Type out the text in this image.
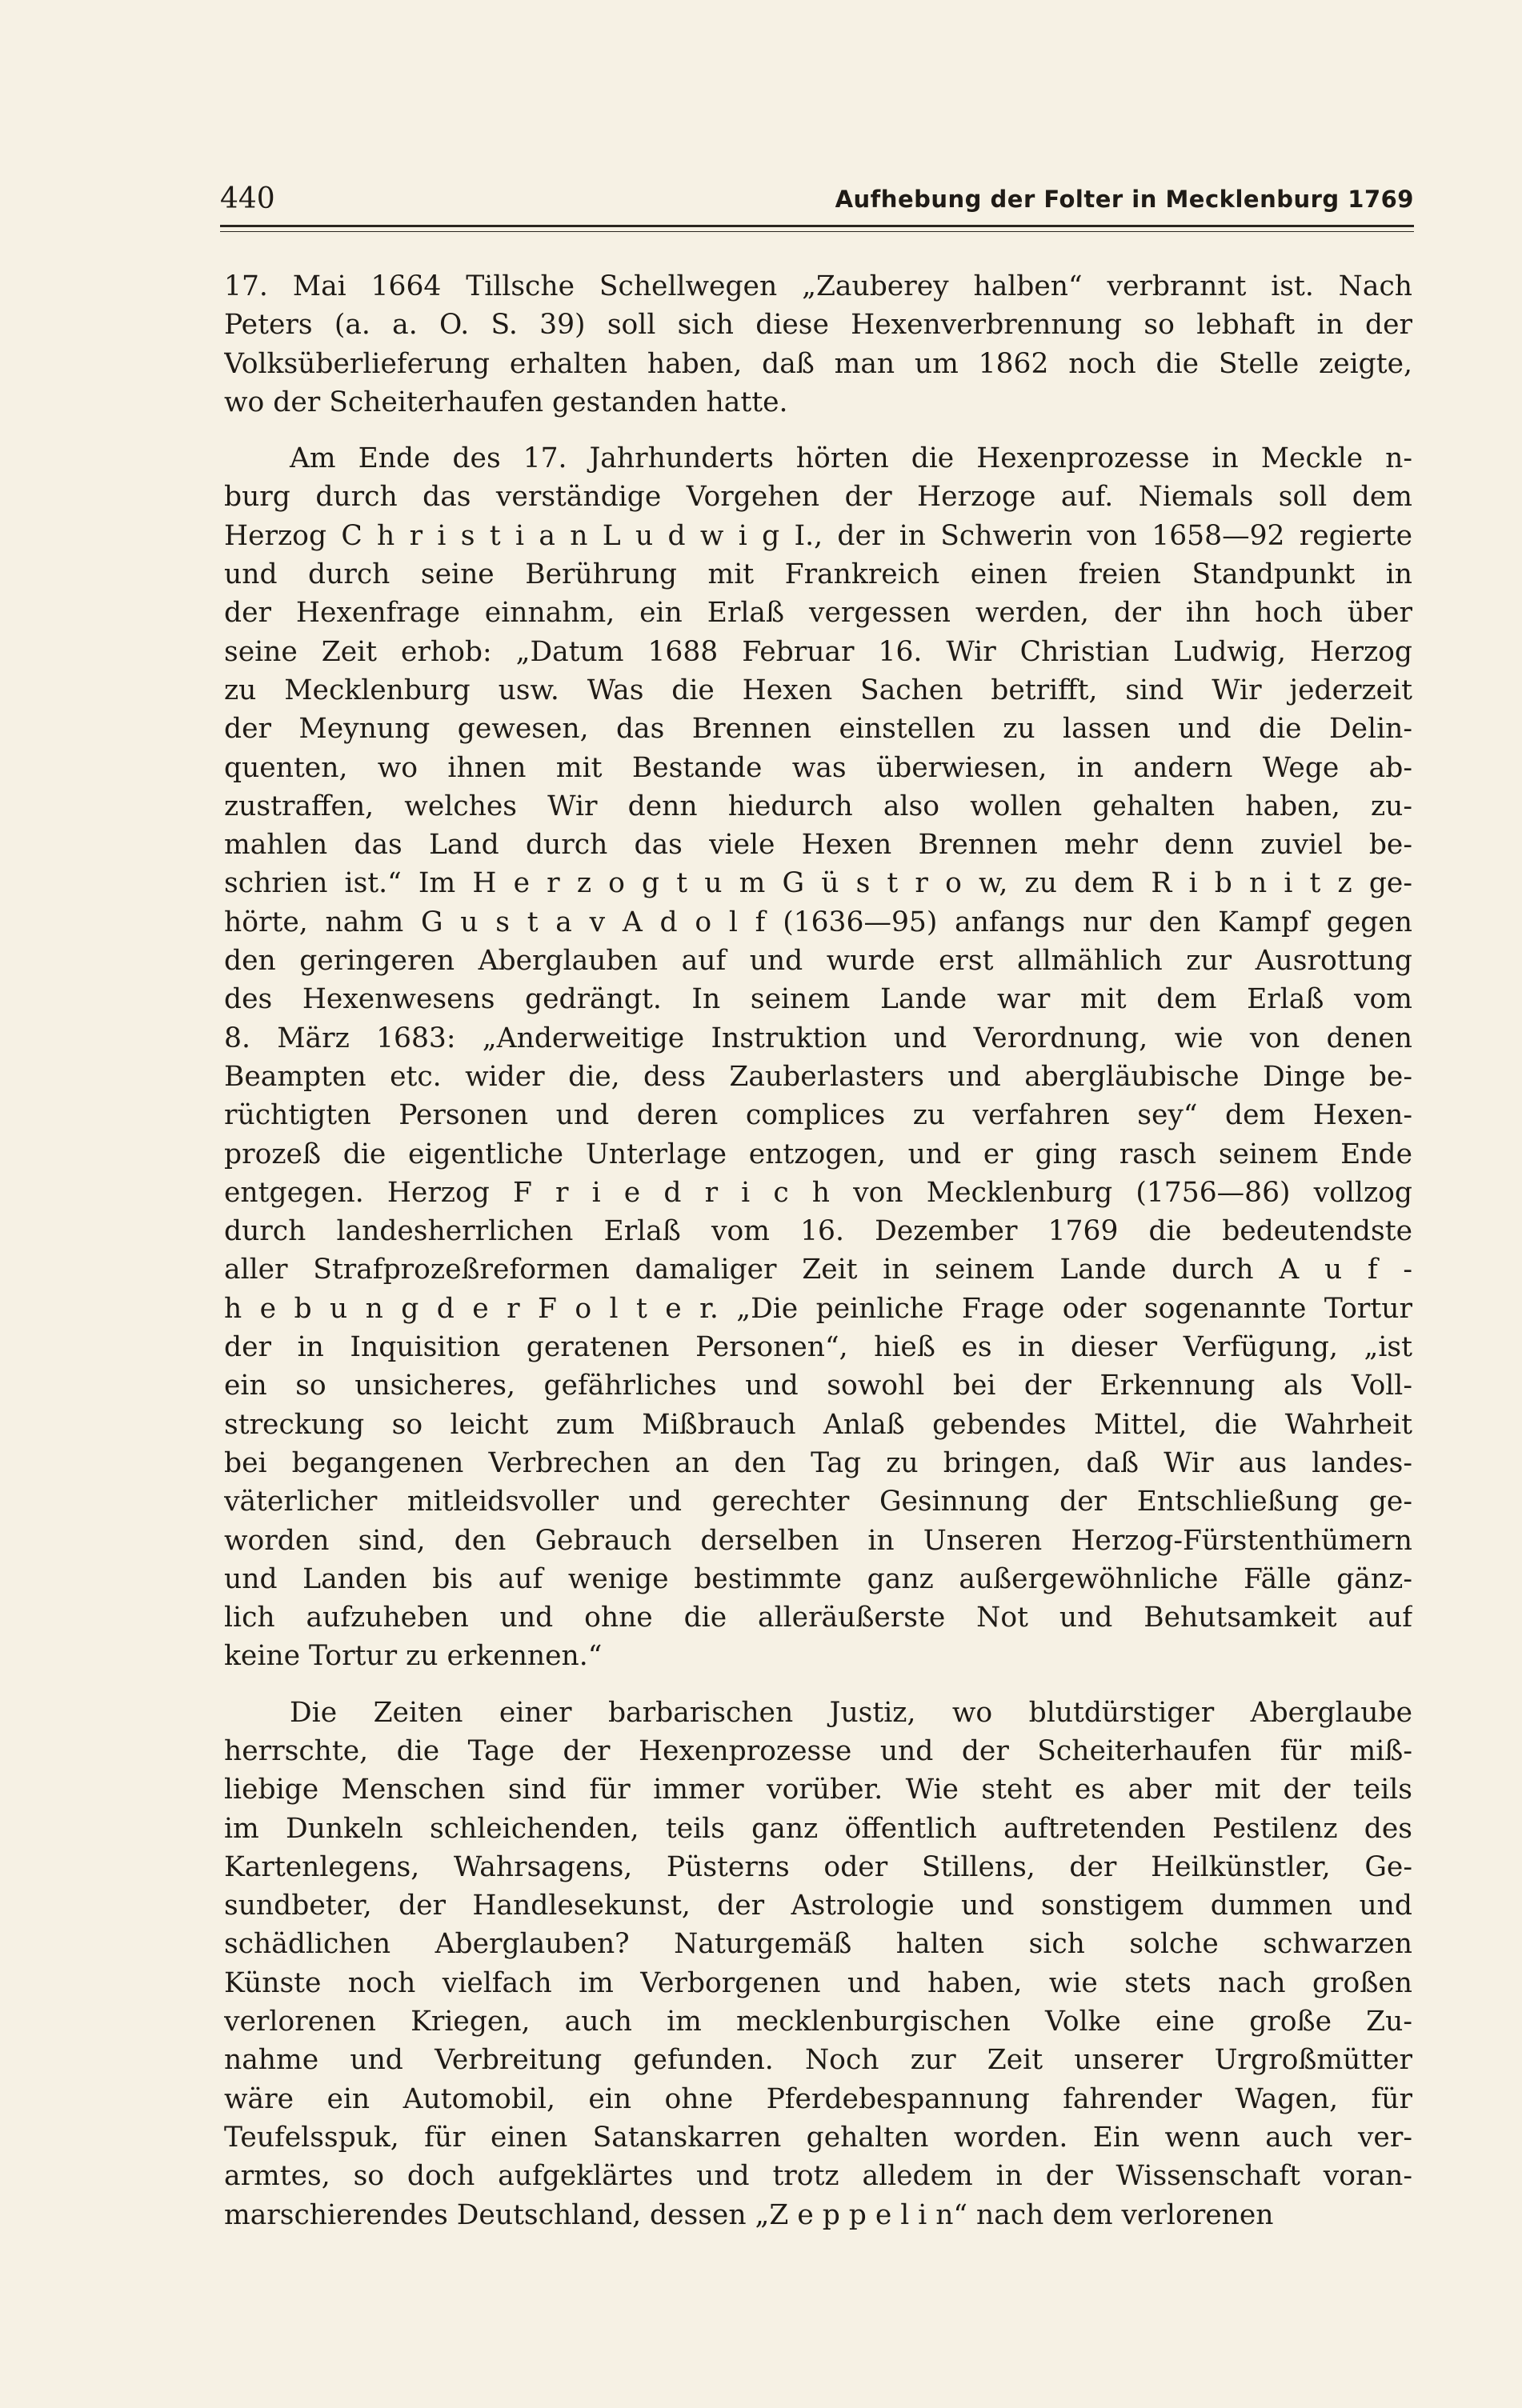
440	Aufhebung der Folter in Mecklenburg 1769
17. Mai 1664 Tillsche Schellwegen „Zauberey halben“ verbrannt ist. Nach
Peters (a. a. O. S. 39) soll sich diese Hexenverbrennung so lebhaft in der
Volksüberlieferung erhalten haben, daß man um 1862 noch die Stelle zeigte,
wo der Scheiterhaufen gestanden hatte.
Am Ende des 17. Jahrhunderts hörten die Hexenprozesse in Meckle n-
burg durch das verständige Vorgehen der Herzoge auf. Niemals soll dem
Herzog C h r i s t i a n L u d w i g I., der in Schwerin von 1658—92 regierte
und durch seine Berührung mit Frankreich einen freien Standpunkt in
der Hexenfrage einnahm, ein Erlaß vergessen werden, der ihn hoch über
seine Zeit erhob: „Datum 1688 Februar 16. Wir Christian Ludwig, Herzog
zu Mecklenburg usw. Was die Hexen Sachen betrifft, sind Wir jederzeit
der Meynung gewesen, das Brennen einstellen zu lassen und die Delin-
quenten, wo ihnen mit Bestande was überwiesen, in andern Wege ab-
zustraffen, welches Wir denn hiedurch also wollen gehalten haben, zu-
mahlen das Land durch das viele Hexen Brennen mehr denn zuviel be-
schrien ist.“ Im H e r z o g t u m G ü s t r o w, zu dem R i b n i t z ge-
hörte, nahm G u s t a v A d o l f (1636—95) anfangs nur den Kampf gegen
den geringeren Aberglauben auf und wurde erst allmählich zur Ausrottung
des Hexenwesens gedrängt. In seinem Lande war mit dem Erlaß vom
8. März 1683: „Anderweitige Instruktion und Verordnung, wie von denen
Beampten etc. wider die, dess Zauberlasters und abergläubische Dinge be-
rüchtigten Personen und deren complices zu verfahren sey“ dem Hexen-
prozeß die eigentliche Unterlage entzogen, und er ging rasch seinem Ende
entgegen. Herzog F r i e d r i c h von Mecklenburg (1756—86) vollzog
durch landesherrlichen Erlaß vom 16. Dezember 1769 die bedeutendste
aller Strafprozeßreformen damaliger Zeit in seinem Lande durch A u f -
h e b u n g d e r F o l t e r. „Die peinliche Frage oder sogenannte Tortur
der in Inquisition geratenen Personen“, hieß es in dieser Verfügung, „ist
ein so unsicheres, gefährliches und sowohl bei der Erkennung als Voll-
streckung so leicht zum Mißbrauch Anlaß gebendes Mittel, die Wahrheit
bei begangenen Verbrechen an den Tag zu bringen, daß Wir aus landes-
väterlicher mitleidsvoller und gerechter Gesinnung der Entschließung ge-
worden sind, den Gebrauch derselben in Unseren Herzog-Fürstenthümern
und Landen bis auf wenige bestimmte ganz außergewöhnliche Fälle gänz-
lich aufzuheben und ohne die alleräußerste Not und Behutsamkeit auf
keine Tortur zu erkennen.“
Die Zeiten einer barbarischen Justiz, wo blutdürstiger Aberglaube
herrschte, die Tage der Hexenprozesse und der Scheiterhaufen für miß-
liebige Menschen sind für immer vorüber. Wie steht es aber mit der teils
im Dunkeln schleichenden, teils ganz öffentlich auftretenden Pestilenz des
Kartenlegens, Wahrsagens, Püsterns oder Stillens, der Heilkünstler, Ge-
sundbeter, der Handlesekunst, der Astrologie und sonstigem dummen und
schädlichen Aberglauben? Naturgemäß halten sich solche schwarzen
Künste noch vielfach im Verborgenen und haben, wie stets nach großen
verlorenen Kriegen, auch im mecklenburgischen Volke eine große Zu-
nahme und Verbreitung gefunden. Noch zur Zeit unserer Urgroßmütter
wäre ein Automobil, ein ohne Pferdebespannung fahrender Wagen, für
Teufelsspuk, für einen Satanskarren gehalten worden. Ein wenn auch ver-
armtes, so doch aufgeklärtes und trotz alledem in der Wissenschaft voran-
marschierendes Deutschland, dessen „Z e p p e l i n“ nach dem verlorenen
